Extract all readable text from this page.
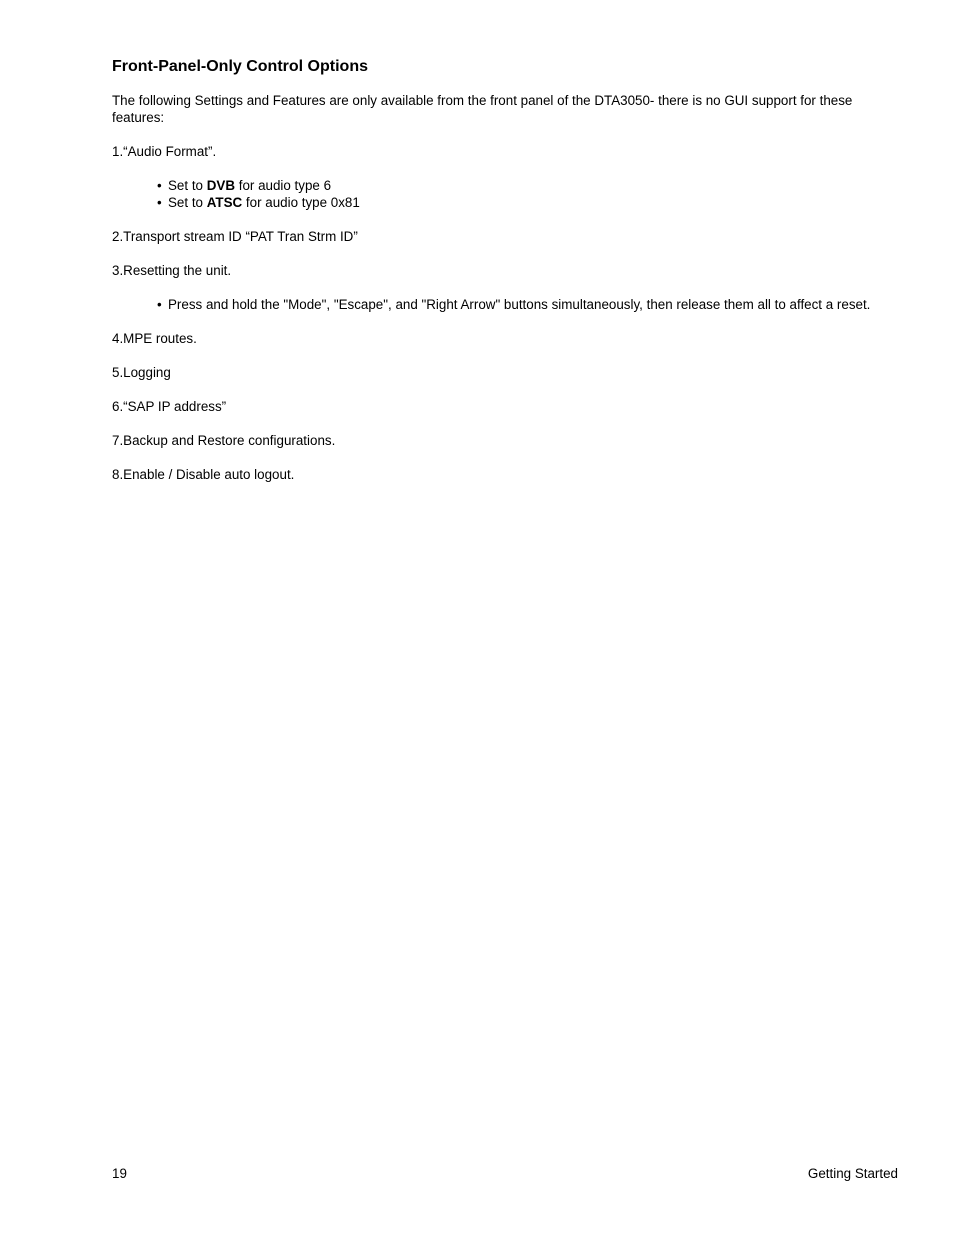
Front-Panel-Only Control Options

The following Settings and Features are only available from the front panel of the DTA3050- there is no GUI support for these features:

1.“Audio Format”.

• Set to DVB for audio type 6
• Set to ATSC for audio type 0x81

2.Transport stream ID “PAT Tran Strm ID”

3.Resetting the unit.

• Press and hold the "Mode", "Escape", and "Right Arrow" buttons simultaneously, then release them all to affect a reset.

4.MPE routes.

5.Logging

6.“SAP IP address”

7.Backup and Restore configurations.

8.Enable / Disable auto logout.

19	Getting Started
